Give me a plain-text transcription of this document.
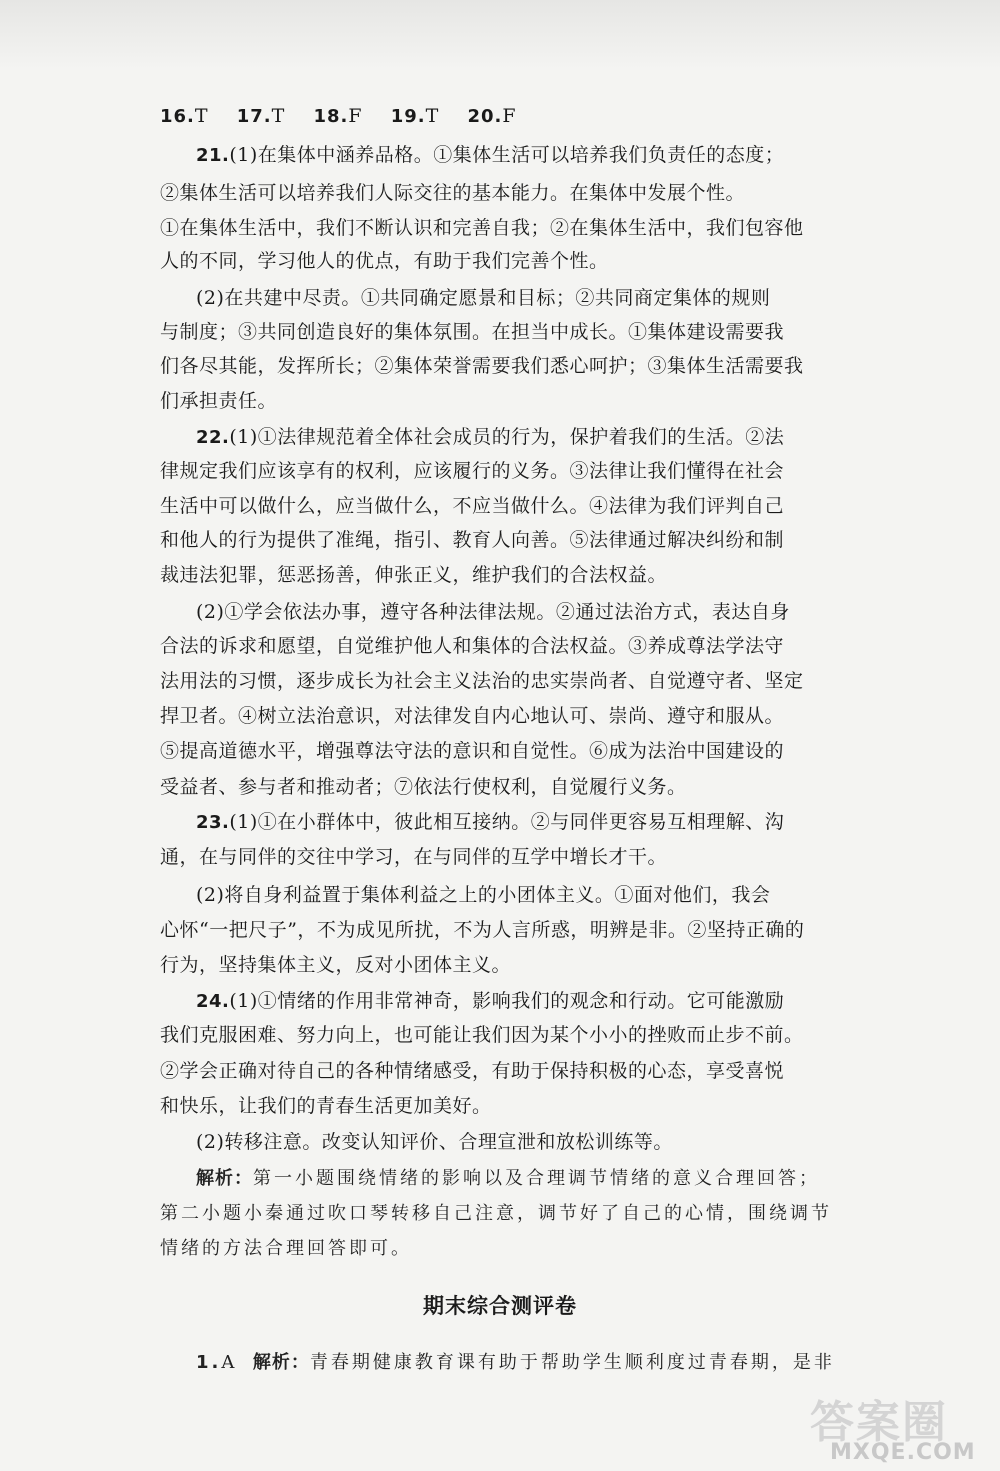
16.T 17.T 18.F 19.T 20.F
21.(1)在集体中涵养品格。①集体生活可以培养我们负责任的态度；
②集体生活可以培养我们人际交往的基本能力。在集体中发展个性。
①在集体生活中，我们不断认识和完善自我；②在集体生活中，我们包容他
人的不同，学习他人的优点，有助于我们完善个性。
(2)在共建中尽责。①共同确定愿景和目标；②共同商定集体的规则
与制度；③共同创造良好的集体氛围。在担当中成长。①集体建设需要我
们各尽其能，发挥所长；②集体荣誉需要我们悉心呵护；③集体生活需要我
们承担责任。
22.(1)①法律规范着全体社会成员的行为，保护着我们的生活。②法
律规定我们应该享有的权利，应该履行的义务。③法律让我们懂得在社会
生活中可以做什么，应当做什么，不应当做什么。④法律为我们评判自己
和他人的行为提供了准绳，指引、教育人向善。⑤法律通过解决纠纷和制
裁违法犯罪，惩恶扬善，伸张正义，维护我们的合法权益。
(2)①学会依法办事，遵守各种法律法规。②通过法治方式，表达自身
合法的诉求和愿望，自觉维护他人和集体的合法权益。③养成尊法学法守
法用法的习惯，逐步成长为社会主义法治的忠实崇尚者、自觉遵守者、坚定
捍卫者。④树立法治意识，对法律发自内心地认可、崇尚、遵守和服从。
⑤提高道德水平，增强尊法守法的意识和自觉性。⑥成为法治中国建设的
受益者、参与者和推动者；⑦依法行使权利，自觉履行义务。
23.(1)①在小群体中，彼此相互接纳。②与同伴更容易互相理解、沟
通，在与同伴的交往中学习，在与同伴的互学中增长才干。
(2)将自身利益置于集体利益之上的小团体主义。①面对他们，我会
心怀“一把尺子”，不为成见所扰，不为人言所惑，明辨是非。②坚持正确的
行为，坚持集体主义，反对小团体主义。
24.(1)①情绪的作用非常神奇，影响我们的观念和行动。它可能激励
我们克服困难、努力向上，也可能让我们因为某个小小的挫败而止步不前。
②学会正确对待自己的各种情绪感受，有助于保持积极的心态，享受喜悦
和快乐，让我们的青春生活更加美好。
(2)转移注意。改变认知评价、合理宣泄和放松训练等。
解析：第一小题围绕情绪的影响以及合理调节情绪的意义合理回答；
第二小题小秦通过吹口琴转移自己注意，调节好了自己的心情，围绕调节
情绪的方法合理回答即可。
期末综合测评卷
1.A 解析：青春期健康教育课有助于帮助学生顺利度过青春期，是非
答案圈
MXQE.COM
